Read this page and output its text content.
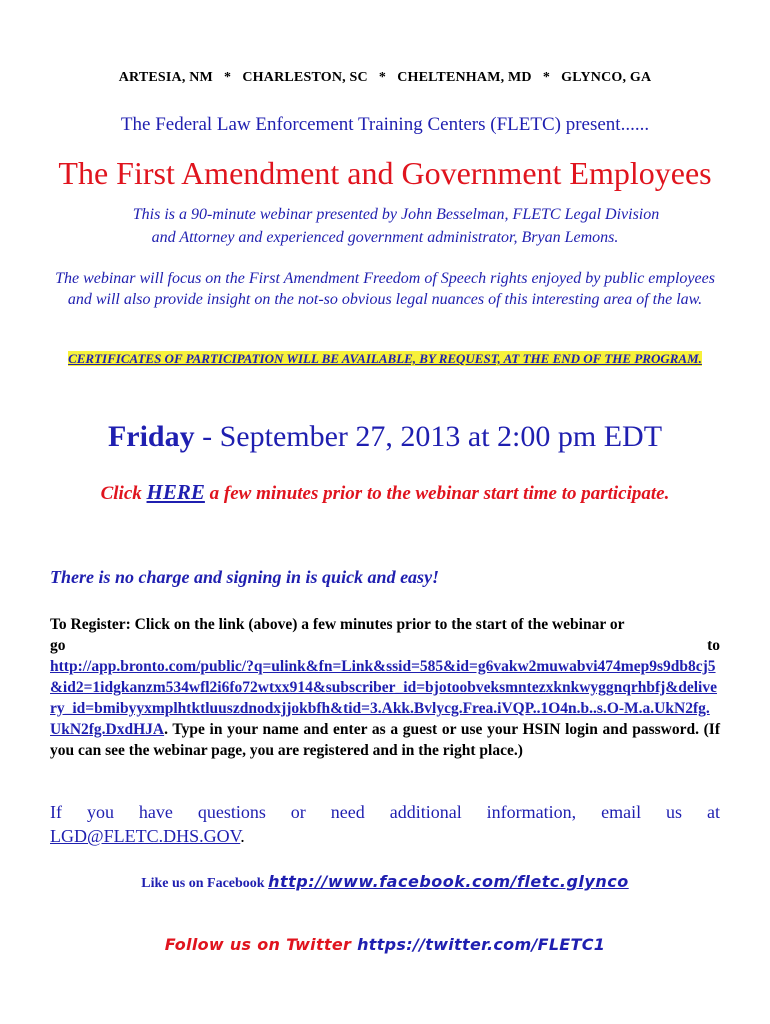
ARTESIA, NM   *   CHARLESTON, SC   *   CHELTENHAM, MD   *   GLYNCO, GA
The Federal Law Enforcement Training Centers (FLETC) present......
The First Amendment and Government Employees
This is a 90-minute webinar presented by John Besselman, FLETC Legal Division
and Attorney and experienced government administrator, Bryan Lemons.
The webinar will focus on the First Amendment Freedom of Speech rights enjoyed by public employees and will also provide insight on the not-so obvious legal nuances of this interesting area of the law.
CERTIFICATES OF PARTICIPATION WILL BE AVAILABLE, BY REQUEST, AT THE END OF THE PROGRAM.
Friday - September 27, 2013 at 2:00 pm EDT
Click HERE a few minutes prior to the webinar start time to participate.
There is no charge and signing in is quick and easy!
To Register: Click on the link (above) a few minutes prior to the start of the webinar or
go to
http://app.bronto.com/public/?q=ulink&fn=Link&ssid=585&id=g6vakw2muwabvi474mep9s9db8cj5&id2=1idgkanzm534wfl2i6fo72wtxx914&subscriber_id=bjotoobveksmntezxknkwyggnqrhbfj&delivery_id=bmibyyxmplhtktluuszdnodxjjokbfh&tid=3.Akk.Bvlycg.Frea.iVQP..1O4n.b..s.O-M.a.UkN2fg.UkN2fg.DxdHJA. Type in your name and enter as a guest or use your HSIN login and password. (If you can see the webinar page, you are registered and in the right place.)
If you have questions or need additional information, email us at
LGD@FLETC.DHS.GOV.
Like us on Facebook http://www.facebook.com/fletc.glynco
Follow us on Twitter https://twitter.com/FLETC1
